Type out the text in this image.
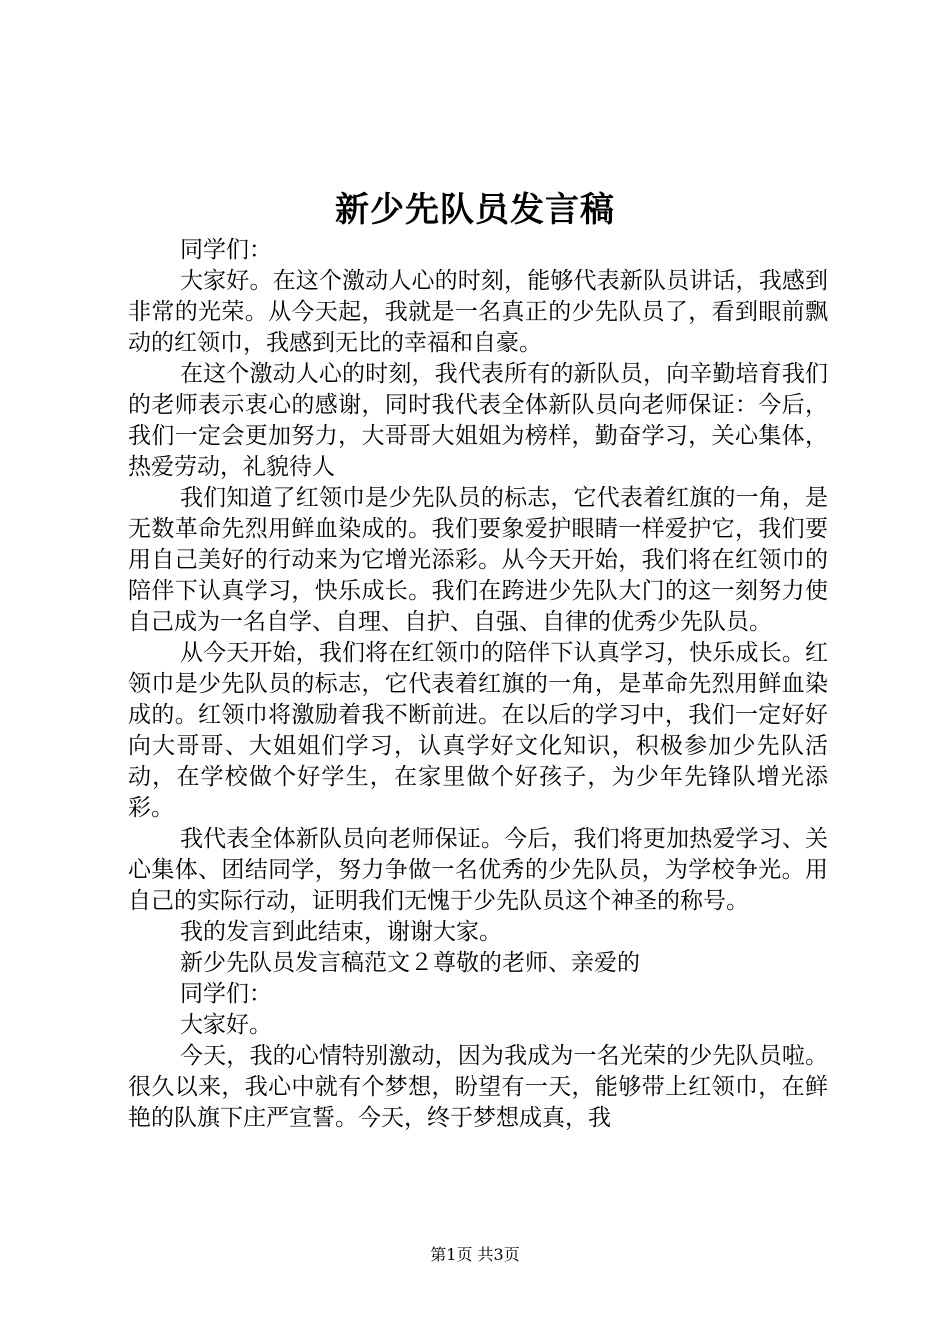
新少先队员发言稿

同学们：

大家好。在这个激动人心的时刻，能够代表新队员讲话，我感到非常的光荣。从今天起，我就是一名真正的少先队员了，看到眼前飘动的红领巾，我感到无比的幸福和自豪。

在这个激动人心的时刻，我代表所有的新队员，向辛勤培育我们的老师表示衷心的感谢，同时我代表全体新队员向老师保证：今后，我们一定会更加努力，大哥哥大姐姐为榜样，勤奋学习，关心集体，热爱劳动，礼貌待人

我们知道了红领巾是少先队员的标志，它代表着红旗的一角，是无数革命先烈用鲜血染成的。我们要象爱护眼睛一样爱护它，我们要用自己美好的行动来为它增光添彩。从今天开始，我们将在红领巾的陪伴下认真学习，快乐成长。我们在跨进少先队大门的这一刻努力使自己成为一名自学、自理、自护、自强、自律的优秀少先队员。

从今天开始，我们将在红领巾的陪伴下认真学习，快乐成长。红领巾是少先队员的标志，它代表着红旗的一角，是革命先烈用鲜血染成的。红领巾将激励着我不断前进。在以后的学习中，我们一定好好向大哥哥、大姐姐们学习，认真学好文化知识，积极参加少先队活动，在学校做个好学生，在家里做个好孩子，为少年先锋队增光添彩。

我代表全体新队员向老师保证。今后，我们将更加热爱学习、关心集体、团结同学，努力争做一名优秀的少先队员，为学校争光。用自己的实际行动，证明我们无愧于少先队员这个神圣的称号。

我的发言到此结束，谢谢大家。

新少先队员发言稿范文２尊敬的老师、亲爱的

同学们：

大家好。

今天，我的心情特别激动，因为我成为一名光荣的少先队员啦。很久以来，我心中就有个梦想，盼望有一天，能够带上红领巾，在鲜艳的队旗下庄严宣誓。今天，终于梦想成真，我

第1页 共3页
